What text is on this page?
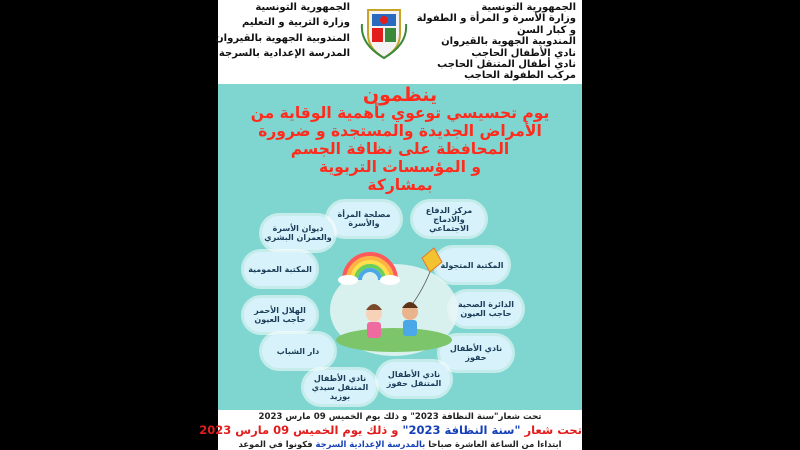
الجمهورية التونسية
وزارة الأسرة و المرأة و الطفولة
و كبار السن
المندوبية الجهوية بالقيروان
نادي الأطفال الحاجب
نادي أطفال المتنقل الحاجب
مركب الطفولة الحاجب
الجمهورية التونسية
وزارة التربية و التعليم
المندوبية الجهوية بالقيروان
المدرسة الإعدادية بالسرجة
ينظمون
يوم تحسيسي توعوي بأهمية الوقاية من
الأمراض الجديدة والمستجدة و ضرورة
المحافظة على نظافة الجسم
و المؤسسات التربوية
بمشاركة
مركز الدفاع والادماج الاجتماعي
مصلحة المرأة والأسرة
ديوان الأسرة والعمران البشري
المكتبة المتجولة
المكتبة العمومية
الدائرة الصحية حاجب العيون
الهلال الأحمر حاجب العيون
نادي الأطفال حفوز
دار الشباب
نادي الأطفال المتنقل حفوز
نادي الأطفال المتنقل سيدي بوزيد
تحت شعار"سنة النظافة 2023" و ذلك يوم الخميس 09 مارس 2023
تحت شعار "سنة النظافة 2023" و ذلك يوم الخميس 09 مارس 2023
ابتداءا من الساعة العاشرة صباحا بالمدرسة الإعدادية السرجة فكونوا في الموعد
